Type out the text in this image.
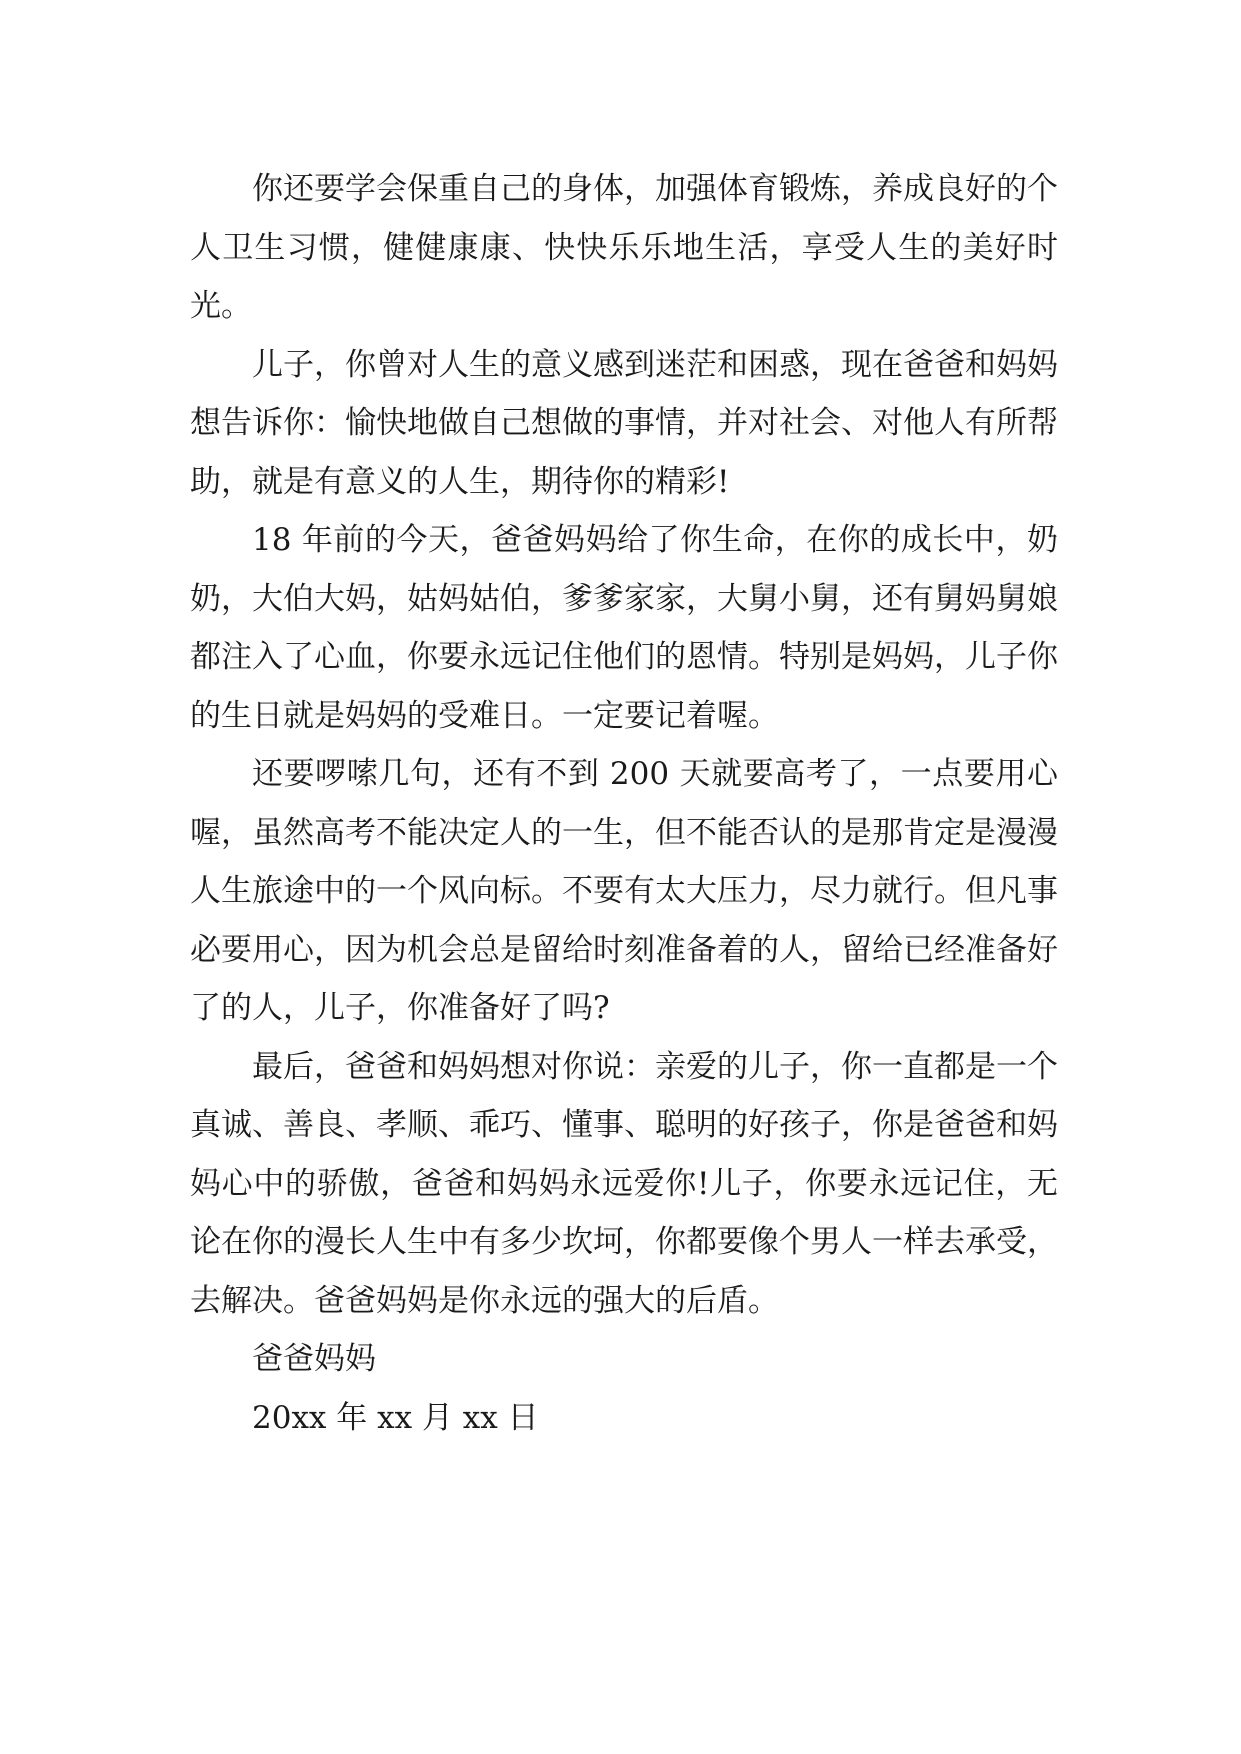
你还要学会保重自己的身体，加强体育锻炼，养成良好的个人卫生习惯，健健康康、快快乐乐地生活，享受人生的美好时光。

儿子，你曾对人生的意义感到迷茫和困惑，现在爸爸和妈妈想告诉你：愉快地做自己想做的事情，并对社会、对他人有所帮助，就是有意义的人生，期待你的精彩!

18 年前的今天，爸爸妈妈给了你生命，在你的成长中，奶奶，大伯大妈，姑妈姑伯，爹爹家家，大舅小舅，还有舅妈舅娘都注入了心血，你要永远记住他们的恩情。特别是妈妈，儿子你的生日就是妈妈的受难日。一定要记着喔。

还要啰嗦几句，还有不到 200 天就要高考了，一点要用心喔，虽然高考不能决定人的一生，但不能否认的是那肯定是漫漫人生旅途中的一个风向标。不要有太大压力，尽力就行。但凡事必要用心，因为机会总是留给时刻准备着的人，留给已经准备好了的人，儿子，你准备好了吗?

最后，爸爸和妈妈想对你说：亲爱的儿子，你一直都是一个真诚、善良、孝顺、乖巧、懂事、聪明的好孩子，你是爸爸和妈妈心中的骄傲，爸爸和妈妈永远爱你!儿子，你要永远记住，无论在你的漫长人生中有多少坎坷，你都要像个男人一样去承受，去解决。爸爸妈妈是你永远的强大的后盾。

爸爸妈妈

20xx 年 xx 月 xx 日
